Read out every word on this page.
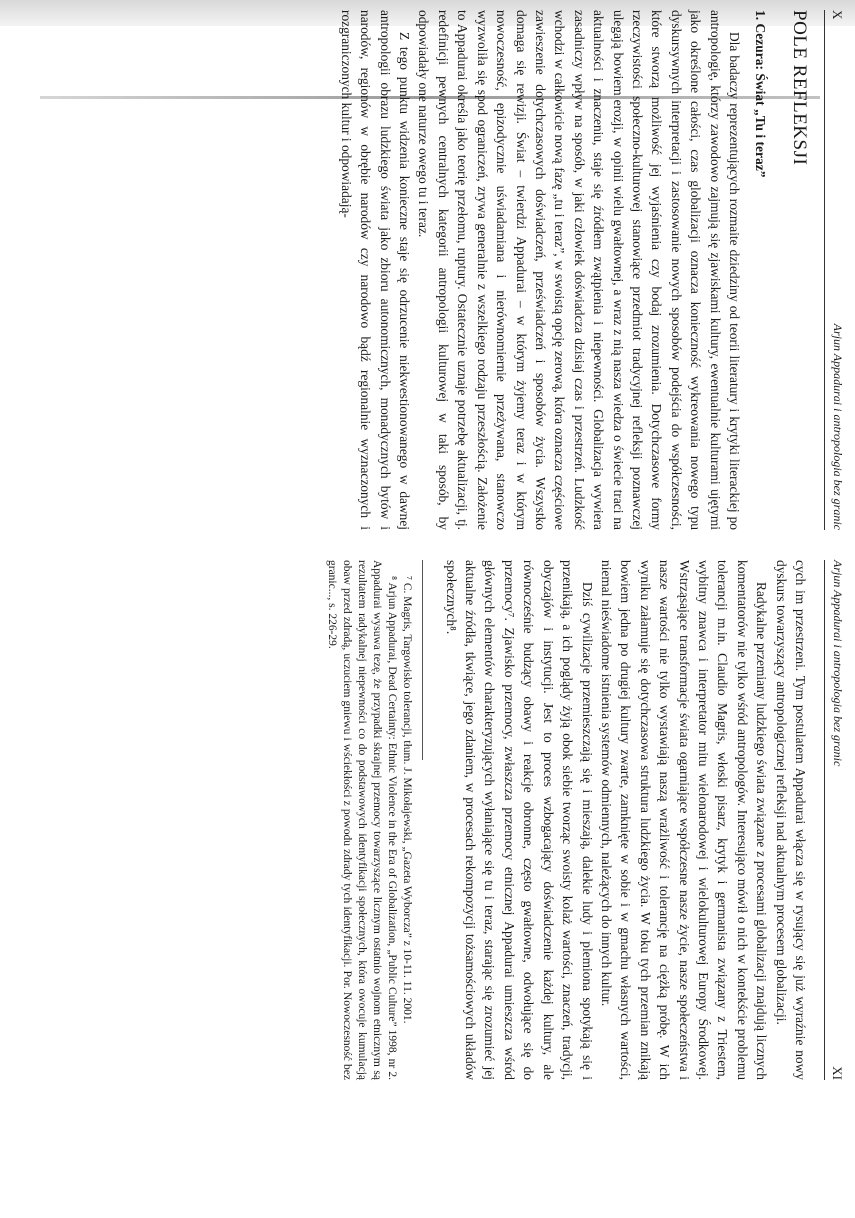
X
Arjun Appadurai i antropologia bez granic
POLE REFLEKSJI
1. Cezura: Świat „Tu i teraz”

Dla badaczy reprezentujących rozmaite dziedziny od teorii literatury i krytyki literackiej po antropologię, którzy zawodowo zajmują się zjawiskami kultury, ewentualnie kulturami ujętymi jako określone całości, czas globalizacji oznacza konieczność wykreowania nowego typu dyskursywnych interpretacji i zastosowanie nowych sposobów podejścia do współczesności, które stworzą możliwość jej wyjaśnienia czy bodaj zrozumienia. Dotychczasowe formy rzeczywistości społeczno-kulturowej stanowiące przedmiot tradycyjnej refleksji poznawczej ulegają bowiem erozji, w opinii wielu gwałtownej, a wraz z nią nasza wiedza o świecie traci na aktualności i znaczeniu, staje się źródłem zwątpienia i niepewności. Globalizacja wywiera zasadniczy wpływ na sposób, w jaki człowiek doświadcza dzisiaj czas i przestrzeń. Ludzkość wchodzi w całkowicie nową fazę „tu i teraz”, w swoistą opcję zerową, która oznacza częściowe zawieszenie dotychczasowych doświadczeń, przeświadczeń i sposobów życia. Wszystko domaga się rewizji. Świat – twierdzi Appadurai – w którym żyjemy teraz i w którym nowoczesność, epizodycznie uświadamiana i nierównomiernie przeżywana, stanowczo wyzwoliła się spod ograniczeń, zrywa generalnie z wszelkiego rodzaju przeszłością. Założenie to Appadurai określa jako teorię przełomu, ruptury. Ostatecznie uznaje potrzebę aktualizacji, tj. redefinicji pewnych centralnych kategorii antropologii kulturowej w taki sposób, by odpowiadały one naturze owego tu i teraz.

Z tego punktu widzenia konieczne staje się odrzucenie niekwestionowanego w dawnej antropologii obrazu ludzkiego świata jako zbioru autonomicznych, monadycznych bytów i narodów, regionów w obrębie narodów czy narodowo bądź regionalnie wyznaczonych i rozgraniczonych kultur i odpowiadają-

Arjun Appadurai i antropologia bez granic
XI

cych im przestrzeni. Tym postulatem Appadurai włącza się w rysujący się już wyraźnie nowy dyskurs towarzyszący antropologicznej refleksji nad aktualnym procesem globalizacji.

Radykalne przemiany ludzkiego świata związane z procesami globalizacji znajdują licznych komentatorów nie tylko wśród antropologów. Interesująco mówił o nich w kontekście problemu tolerancji m.in. Claudio Magris, włoski pisarz, krytyk i germanista związany z Triestem, wybitny znawca i interpretator mitu wielonarodowej i wielokulturowej Europy Środkowej. Wstrząsające transformacje świata ogarniające współczesne nasze życie, nasze społeczeństwa i nasze wartości nie tylko wystawiają naszą wrażliwość i tolerancję na ciężką próbę. W ich wyniku załamuje się dotychczasowa struktura ludzkiego życia. W toku tych przemian znikają bowiem jedna po drugiej kultury zwarte, zamknięte w sobie i w gmachu własnych wartości, niemal nieświadome istnienia systemów odmiennych, należących do innych kultur.

Dziś cywilizacje przemieszczają się i mieszają, dalekie ludy i plemiona spotykają się i przenikają, a ich poglądy żyją obok siebie tworząc swoisty kolaż wartości, znaczeń, tradycji, obyczajów i instytucji. Jest to proces wzbogacający doświadczenie każdej kultury, ale równocześnie budzący obawy i reakcje obronne, często gwałtowne, odwołujące się do przemocy⁷. Zjawisko przemocy, zwłaszcza przemocy etnicznej Appadurai umieszcza wśród głównych elementów charakteryzujących wyłaniające się tu i teraz, starając się zrozumieć jej aktualne źródła, tkwiące, jego zdaniem, w procesach rekompozycji tożsamościowych układów społecznych⁸.

⁷ C. Magris, Targowisko tolerancji, tłum. J. Mikołajewski, „Gazeta Wyborcza” z 10-11. 11. 2001.
⁸ Arjun Appadurai, Dead Certainty: Ethnic Violence in the Era of Globalization, „Public Culture” 1998, nr 2. Appadurai wysuwa tezę, że przypadki skrajnej przemocy towarzyszące licznym ostatnio wojnom etnicznym są rezultatem radykalnej niepewności co do podstawowych identyfikacji społecznych, która owocuje kumulacją obaw przed zdradą, uczuciem gniewu i wściekłości z powodu zdrady tych identyfikacji. Por. Nowoczesność bez granic..., s. 226-29.
